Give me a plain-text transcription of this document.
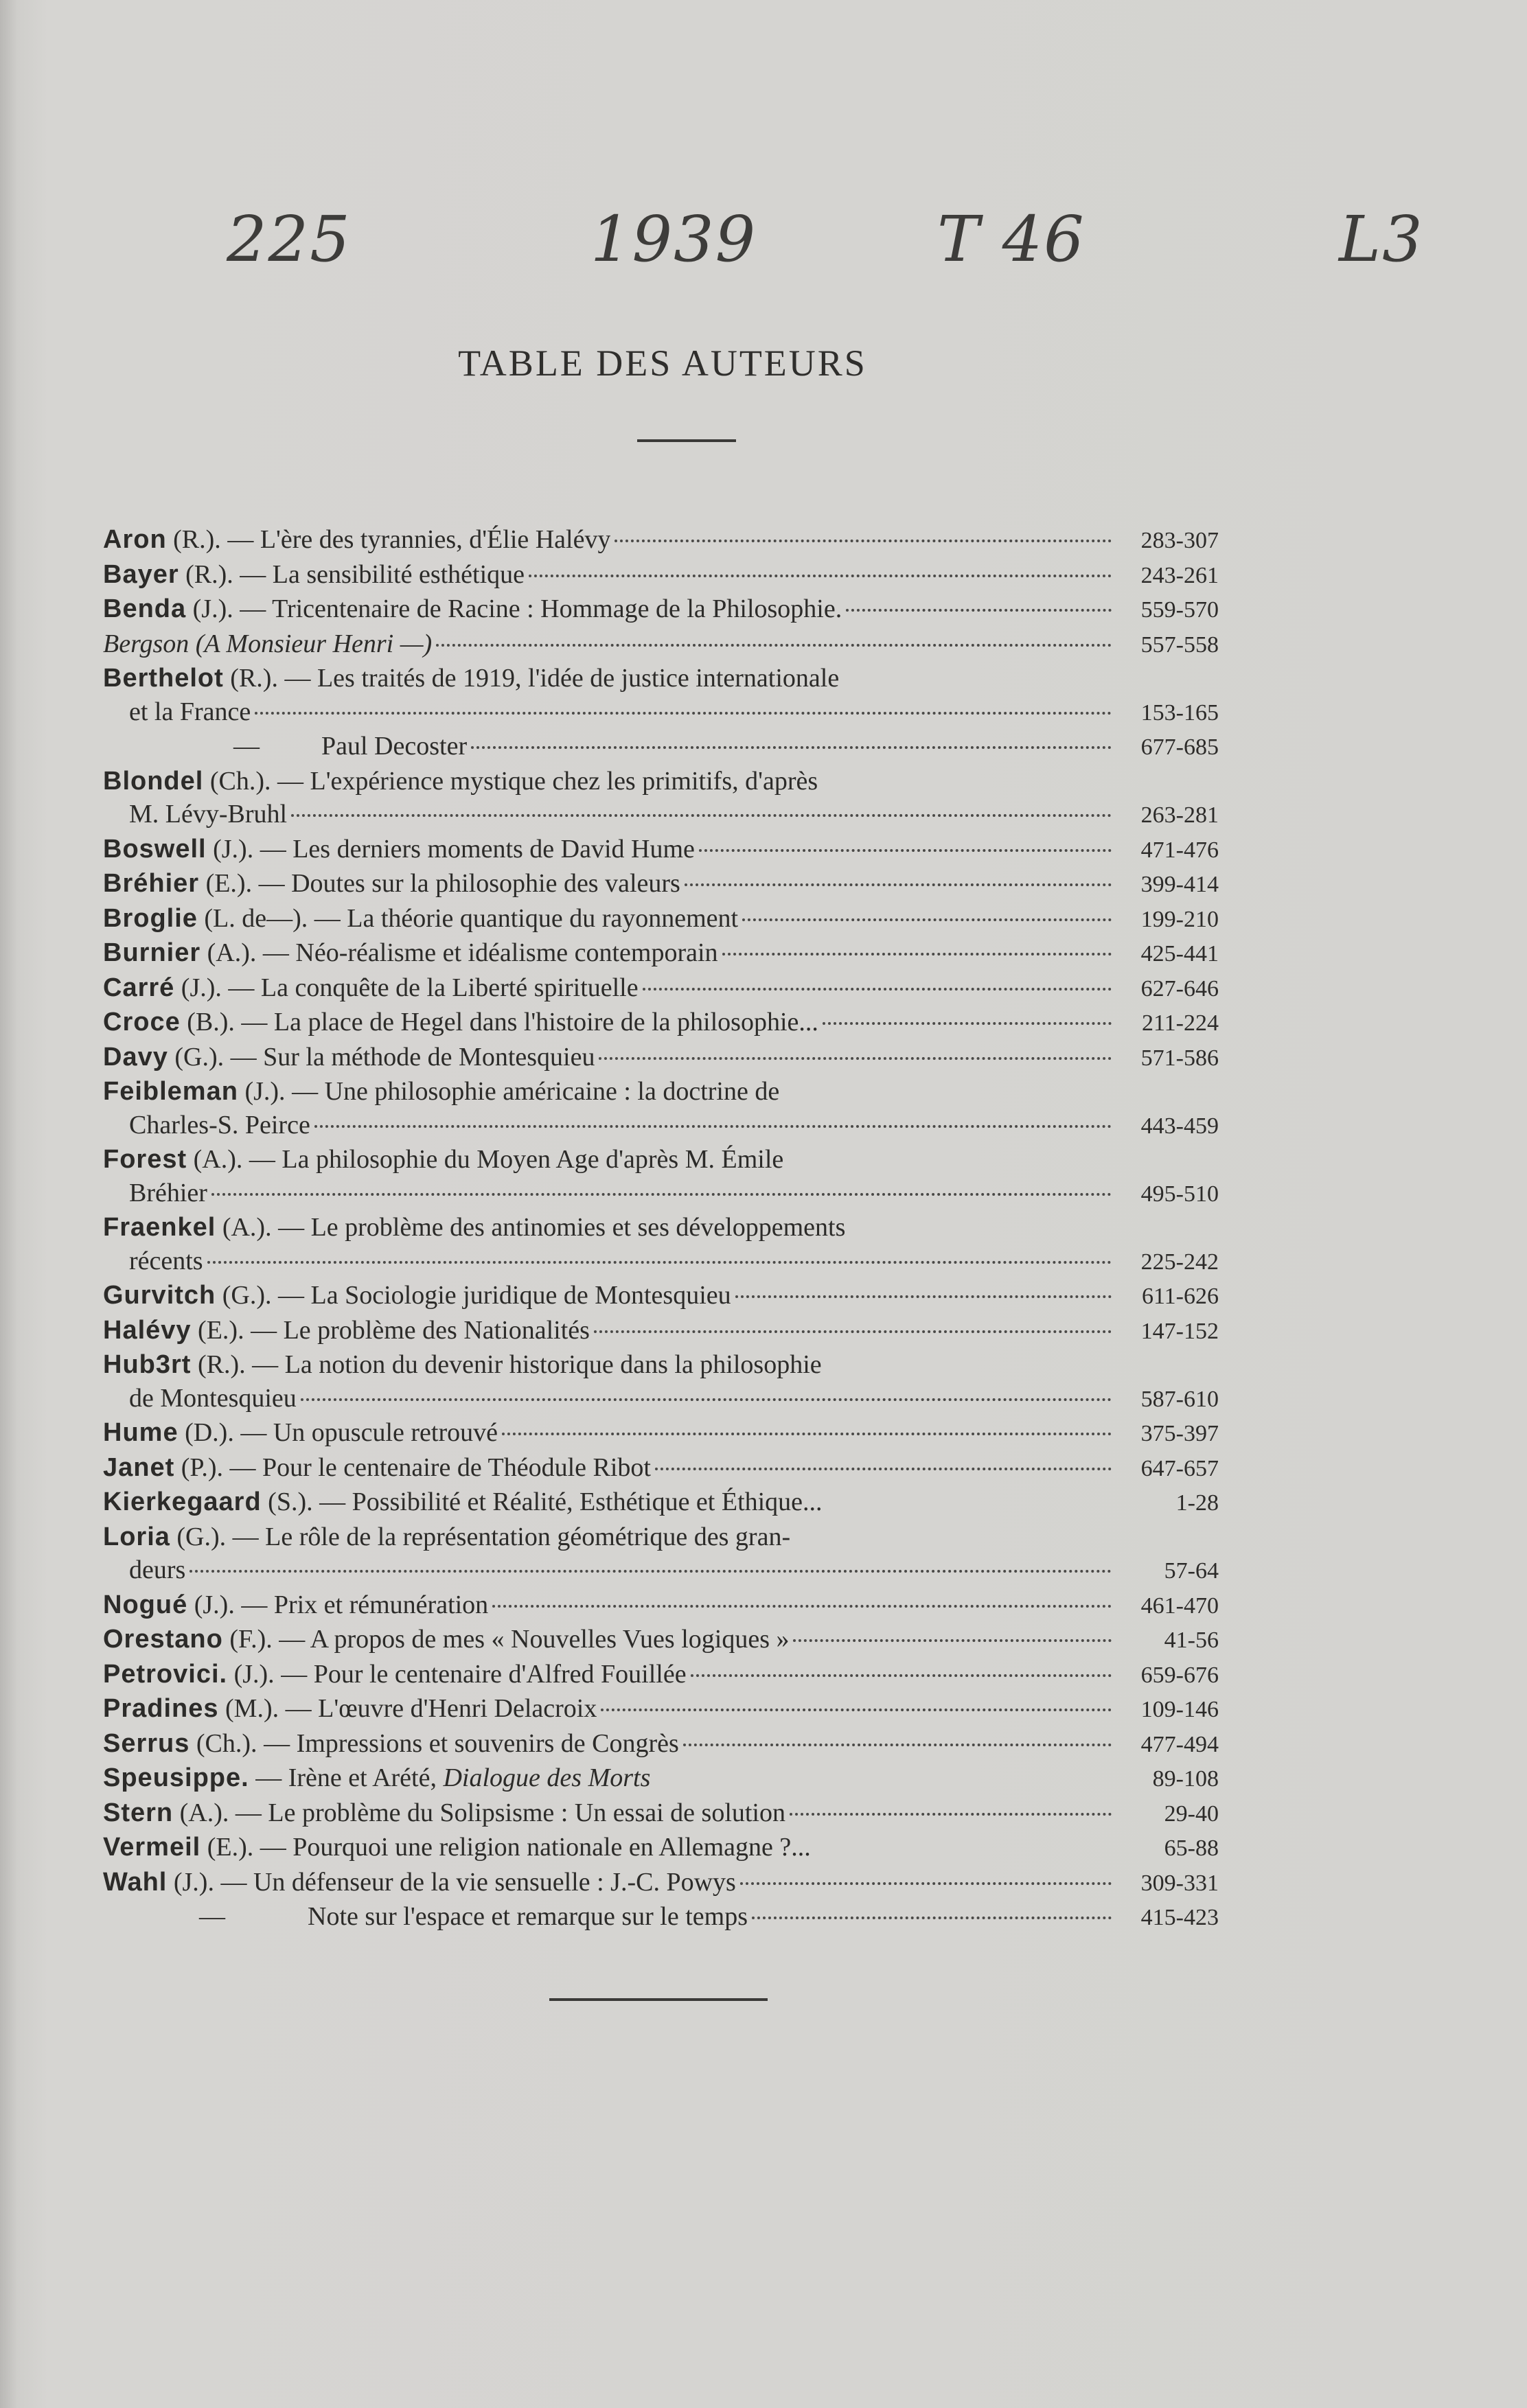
225	1939	T 46	L3
TABLE DES AUTEURS
Aron (R.). — L'ère des tyrannies, d'Élie Halévy	283-307
Bayer (R.). — La sensibilité esthétique	243-261
Benda (J.). — Tricentenaire de Racine : Hommage de la Philosophie.	559-570
Bergson (A Monsieur Henri —)	557-558
Berthelot (R.). — Les traités de 1919, l'idée de justice internationale
et la France	153-165
— Paul Decoster	677-685
Blondel (Ch.). — L'expérience mystique chez les primitifs, d'après
M. Lévy-Bruhl	263-281
Boswell (J.). — Les derniers moments de David Hume	471-476
Bréhier (E.). — Doutes sur la philosophie des valeurs	399-414
Broglie (L. de—). — La théorie quantique du rayonnement	199-210
Burnier (A.). — Néo-réalisme et idéalisme contemporain	425-441
Carré (J.). — La conquête de la Liberté spirituelle	627-646
Croce (B.). — La place de Hegel dans l'histoire de la philosophie...	211-224
Davy (G.). — Sur la méthode de Montesquieu	571-586
Feibleman (J.). — Une philosophie américaine : la doctrine de
Charles-S. Peirce	443-459
Forest (A.). — La philosophie du Moyen Age d'après M. Émile
Bréhier	495-510
Fraenkel (A.). — Le problème des antinomies et ses développements
récents	225-242
Gurvitch (G.). — La Sociologie juridique de Montesquieu	611-626
Halévy (E.). — Le problème des Nationalités	147-152
Hub3rt (R.). — La notion du devenir historique dans la philosophie
de Montesquieu	587-610
Hume (D.). — Un opuscule retrouvé	375-397
Janet (P.). — Pour le centenaire de Théodule Ribot	647-657
Kierkegaard (S.). — Possibilité et Réalité, Esthétique et Éthique...	1-28
Loria (G.). — Le rôle de la représentation géométrique des gran-
deurs	57-64
Nogué (J.). — Prix et rémunération	461-470
Orestano (F.). — A propos de mes « Nouvelles Vues logiques »	41-56
Petrovici. (J.). — Pour le centenaire d'Alfred Fouillée	659-676
Pradines (M.). — L'œuvre d'Henri Delacroix	109-146
Serrus (Ch.). — Impressions et souvenirs de Congrès	477-494
Speusippe. — Irène et Arété, Dialogue des Morts	89-108
Stern (A.). — Le problème du Solipsisme : Un essai de solution	29-40
Vermeil (E.). — Pourquoi une religion nationale en Allemagne ?...	65-88
Wahl (J.). — Un défenseur de la vie sensuelle : J.-C. Powys	309-331
—	Note sur l'espace et remarque sur le temps	415-423
